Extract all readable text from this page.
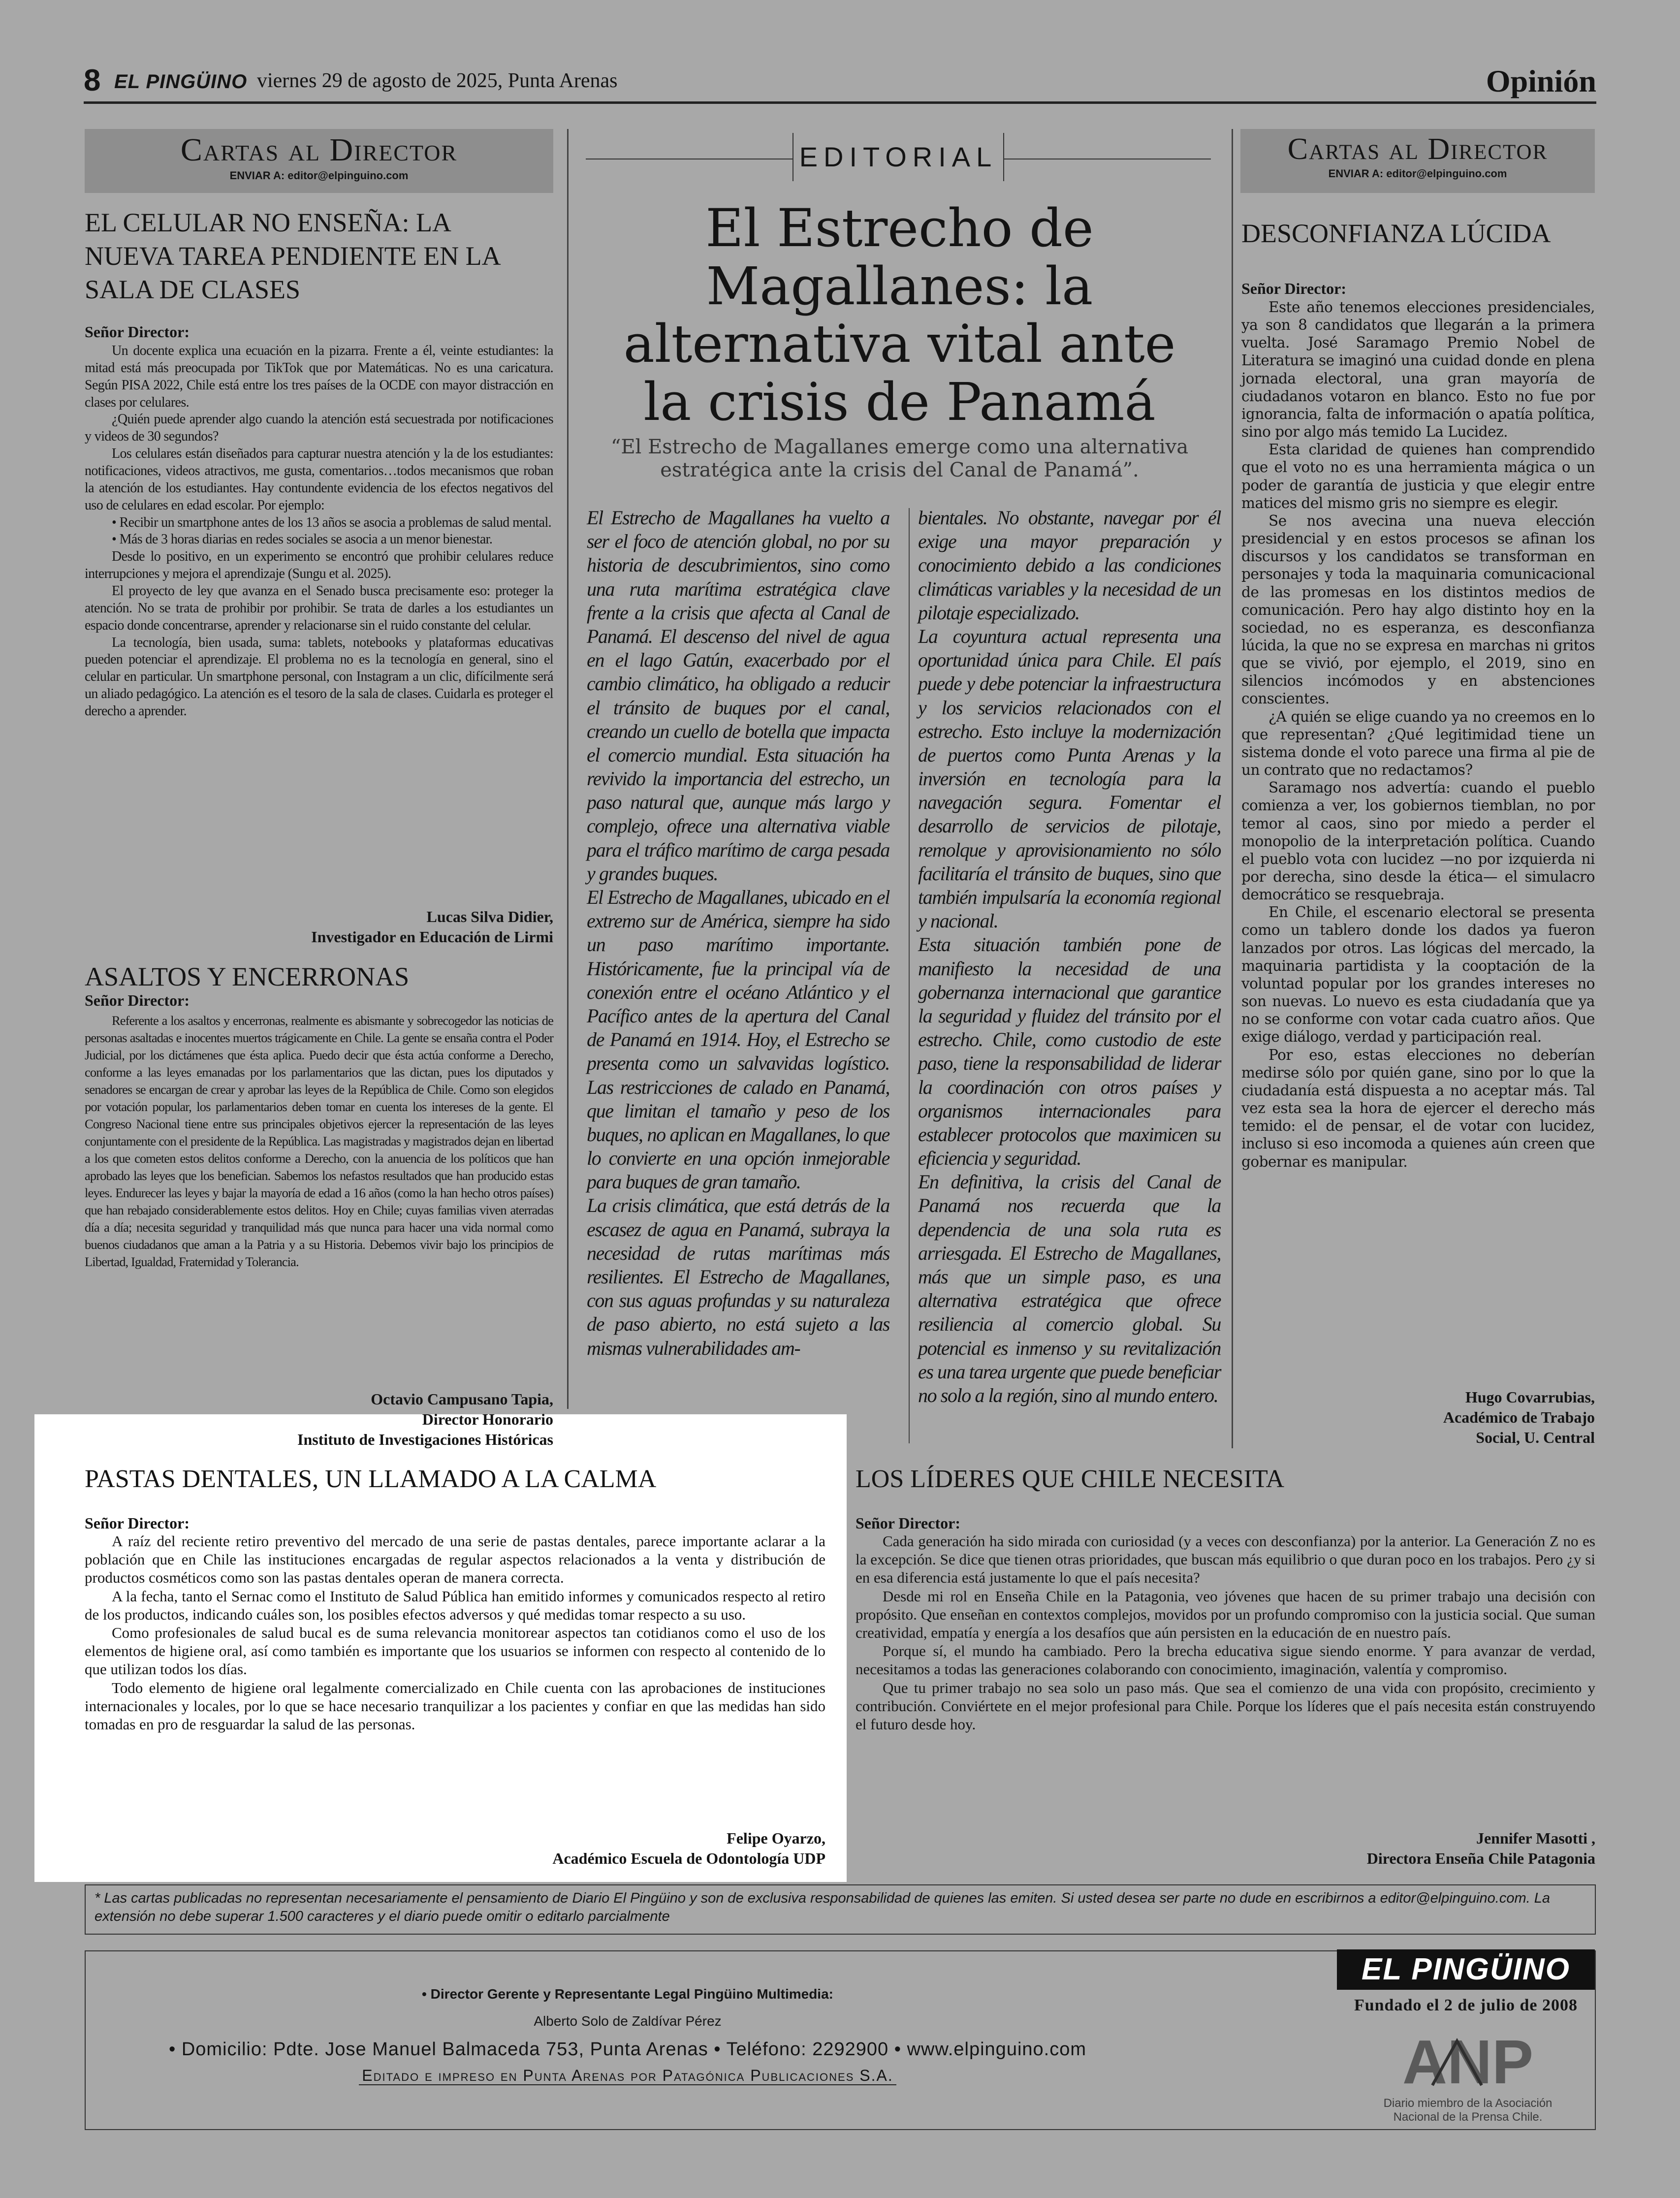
8 EL PINGÜINO viernes 29 de agosto de 2025, Punta Arenas	Opinión
Cartas al Director
ENVIAR A: editor@elpinguino.com
EL CELULAR NO ENSEÑA: LA
NUEVA TAREA PENDIENTE EN LA
SALA DE CLASES
Señor Director:

Un docente explica una ecuación en la pizarra. Frente a él, veinte estudiantes: la mitad está más preocupada por TikTok que por Matemáticas. No es una caricatura. Según PISA 2022, Chile está entre los tres países de la OCDE con mayor distracción en clases por celulares.

¿Quién puede aprender algo cuando la atención está secuestrada por notificaciones y videos de 30 segundos?

Los celulares están diseñados para capturar nuestra atención y la de los estudiantes: notificaciones, videos atractivos, me gusta, comentarios…todos mecanismos que roban la atención de los estudiantes. Hay contundente evidencia de los efectos negativos del uso de celulares en edad escolar. Por ejemplo:

• Recibir un smartphone antes de los 13 años se asocia a problemas de salud mental.

• Más de 3 horas diarias en redes sociales se asocia a un menor bienestar.

Desde lo positivo, en un experimento se encontró que prohibir celulares reduce interrupciones y mejora el aprendizaje (Sungu et al. 2025).

El proyecto de ley que avanza en el Senado busca precisamente eso: proteger la atención. No se trata de prohibir por prohibir. Se trata de darles a los estudiantes un espacio donde concentrarse, aprender y relacionarse sin el ruido constante del celular.

La tecnología, bien usada, suma: tablets, notebooks y plataformas educativas pueden potenciar el aprendizaje. El problema no es la tecnología en general, sino el celular en particular. Un smartphone personal, con Instagram a un clic, difícilmente será un aliado pedagógico. La atención es el tesoro de la sala de clases. Cuidarla es proteger el derecho a aprender.

Lucas Silva Didier,
Investigador en Educación de Lirmi
ASALTOS Y ENCERRONAS
Señor Director:

Referente a los asaltos y encerronas, realmente es abismante y sobrecogedor las noticias de personas asaltadas e inocentes muertos trágicamente en Chile. La gente se ensaña contra el Poder Judicial, por los dictámenes que ésta aplica. Puedo decir que ésta actúa conforme a Derecho, conforme a las leyes emanadas por los parlamentarios que las dictan, pues los diputados y senadores se encargan de crear y aprobar las leyes de la República de Chile. Como son elegidos por votación popular, los parlamentarios deben tomar en cuenta los intereses de la gente. El Congreso Nacional tiene entre sus principales objetivos ejercer la representación de las leyes conjuntamente con el presidente de la República. Las magistradas y magistrados dejan en libertad a los que cometen estos delitos conforme a Derecho, con la anuencia de los políticos que han aprobado las leyes que los benefician. Sabemos los nefastos resultados que han producido estas leyes. Endurecer las leyes y bajar la mayoría de edad a 16 años (como la han hecho otros países) que han rebajado considerablemente estos delitos. Hoy en Chile; cuyas familias viven aterradas día a día; necesita seguridad y tranquilidad más que nunca para hacer una vida normal como buenos ciudadanos que aman a la Patria y a su Historia. Debemos vivir bajo los principios de Libertad, Igualdad, Fraternidad y Tolerancia.

Octavio Campusano Tapia,
Director Honorario
Instituto de Investigaciones Históricas
EDITORIAL
El Estrecho de
Magallanes: la
alternativa vital ante
la crisis de Panamá
“El Estrecho de Magallanes emerge como una alternativa
estratégica ante la crisis del Canal de Panamá”.

El Estrecho de Magallanes ha vuelto a ser el foco de atención global, no por su historia de descubrimientos, sino como una ruta marítima estratégica clave frente a la crisis que afecta al Canal de Panamá. El descenso del nivel de agua en el lago Gatún, exacerbado por el cambio climático, ha obligado a reducir el tránsito de buques por el canal, creando un cuello de botella que impacta el comercio mundial. Esta situación ha revivido la importancia del estrecho, un paso natural que, aunque más largo y complejo, ofrece una alternativa viable para el tráfico marítimo de carga pesada y grandes buques.

El Estrecho de Magallanes, ubicado en el extremo sur de América, siempre ha sido un paso marítimo importante. Históricamente, fue la principal vía de conexión entre el océano Atlántico y el Pacífico antes de la apertura del Canal de Panamá en 1914. Hoy, el Estrecho se presenta como un salvavidas logístico. Las restricciones de calado en Panamá, que limitan el tamaño y peso de los buques, no aplican en Magallanes, lo que lo convierte en una opción inmejorable para buques de gran tamaño.

La crisis climática, que está detrás de la escasez de agua en Panamá, subraya la necesidad de rutas marítimas más resilientes. El Estrecho de Magallanes, con sus aguas profundas y su naturaleza de paso abierto, no está sujeto a las mismas vulnerabilidades am-

bientales. No obstante, navegar por él exige una mayor preparación y conocimiento debido a las condiciones climáticas variables y la necesidad de un pilotaje especializado.

La coyuntura actual representa una oportunidad única para Chile. El país puede y debe potenciar la infraestructura y los servicios relacionados con el estrecho. Esto incluye la modernización de puertos como Punta Arenas y la inversión en tecnología para la navegación segura. Fomentar el desarrollo de servicios de pilotaje, remolque y aprovisionamiento no sólo facilitaría el tránsito de buques, sino que también impulsaría la economía regional y nacional.

Esta situación también pone de manifiesto la necesidad de una gobernanza internacional que garantice la seguridad y fluidez del tránsito por el estrecho. Chile, como custodio de este paso, tiene la responsabilidad de liderar la coordinación con otros países y organismos internacionales para establecer protocolos que maximicen su eficiencia y seguridad.

En definitiva, la crisis del Canal de Panamá nos recuerda que la dependencia de una sola ruta es arriesgada. El Estrecho de Magallanes, más que un simple paso, es una alternativa estratégica que ofrece resiliencia al comercio global. Su potencial es inmenso y su revitalización es una tarea urgente que puede beneficiar no solo a la región, sino al mundo entero.

Cartas al Director
ENVIAR A: editor@elpinguino.com
DESCONFIANZA LÚCIDA
Señor Director:

Este año tenemos elecciones presidenciales, ya son 8 candidatos que llegarán a la primera vuelta. José Saramago Premio Nobel de Literatura se imaginó una cuidad donde en plena jornada electoral, una gran mayoría de ciudadanos votaron en blanco. Esto no fue por ignorancia, falta de información o apatía política, sino por algo más temido La Lucidez.

Esta claridad de quienes han comprendido que el voto no es una herramienta mágica o un poder de garantía de justicia y que elegir entre matices del mismo gris no siempre es elegir.

Se nos avecina una nueva elección presidencial y en estos procesos se afinan los discursos y los candidatos se transforman en personajes y toda la maquinaria comunicacional de las promesas en los distintos medios de comunicación. Pero hay algo distinto hoy en la sociedad, no es esperanza, es desconfianza lúcida, la que no se expresa en marchas ni gritos que se vivió, por ejemplo, el 2019, sino en silencios incómodos y en abstenciones conscientes.

¿A quién se elige cuando ya no creemos en lo que representan? ¿Qué legitimidad tiene un sistema donde el voto parece una firma al pie de un contrato que no redactamos?

Saramago nos advertía: cuando el pueblo comienza a ver, los gobiernos tiemblan, no por temor al caos, sino por miedo a perder el monopolio de la interpretación política. Cuando el pueblo vota con lucidez —no por izquierda ni por derecha, sino desde la ética— el simulacro democrático se resquebraja.

En Chile, el escenario electoral se presenta como un tablero donde los dados ya fueron lanzados por otros. Las lógicas del mercado, la maquinaria partidista y la cooptación de la voluntad popular por los grandes intereses no son nuevas. Lo nuevo es esta ciudadanía que ya no se conforme con votar cada cuatro años. Que exige diálogo, verdad y participación real.

Por eso, estas elecciones no deberían medirse sólo por quién gane, sino por lo que la ciudadanía está dispuesta a no aceptar más. Tal vez esta sea la hora de ejercer el derecho más temido: el de pensar, el de votar con lucidez, incluso si eso incomoda a quienes aún creen que gobernar es manipular.

Hugo Covarrubias,
Académico de Trabajo
Social, U. Central
PASTAS DENTALES, UN LLAMADO A LA CALMA
Señor Director:

A raíz del reciente retiro preventivo del mercado de una serie de pastas dentales, parece importante aclarar a la población que en Chile las instituciones encargadas de regular aspectos relacionados a la venta y distribución de productos cosméticos como son las pastas dentales operan de manera correcta.

A la fecha, tanto el Sernac como el Instituto de Salud Pública han emitido informes y comunicados respecto al retiro de los productos, indicando cuáles son, los posibles efectos adversos y qué medidas tomar respecto a su uso.

Como profesionales de salud bucal es de suma relevancia monitorear aspectos tan cotidianos como el uso de los elementos de higiene oral, así como también es importante que los usuarios se informen con respecto al contenido de lo que utilizan todos los días.

Todo elemento de higiene oral legalmente comercializado en Chile cuenta con las aprobaciones de instituciones internacionales y locales, por lo que se hace necesario tranquilizar a los pacientes y confiar en que las medidas han sido tomadas en pro de resguardar la salud de las personas.

Felipe Oyarzo,
Académico Escuela de Odontología UDP
LOS LÍDERES QUE CHILE NECESITA
Señor Director:

Cada generación ha sido mirada con curiosidad (y a veces con desconfianza) por la anterior. La Generación Z no es la excepción. Se dice que tienen otras prioridades, que buscan más equilibrio o que duran poco en los trabajos. Pero ¿y si en esa diferencia está justamente lo que el país necesita?

Desde mi rol en Enseña Chile en la Patagonia, veo jóvenes que hacen de su primer trabajo una decisión con propósito. Que enseñan en contextos complejos, movidos por un profundo compromiso con la justicia social. Que suman creatividad, empatía y energía a los desafíos que aún persisten en la educación de en nuestro país.

Porque sí, el mundo ha cambiado. Pero la brecha educativa sigue siendo enorme. Y para avanzar de verdad, necesitamos a todas las generaciones colaborando con conocimiento, imaginación, valentía y compromiso.

Que tu primer trabajo no sea solo un paso más. Que sea el comienzo de una vida con propósito, crecimiento y contribución. Conviértete en el mejor profesional para Chile. Porque los líderes que el país necesita están construyendo el futuro desde hoy.

Jennifer Masotti ,
Directora Enseña Chile Patagonia
* Las cartas publicadas no representan necesariamente el pensamiento de Diario El Pingüino y son de exclusiva responsabilidad de quienes las emiten. Si usted desea ser parte no dude en escribirnos a editor@elpinguino.com. La extensión no debe superar 1.500 caracteres y el diario puede omitir o editarlo parcialmente
• Director Gerente y Representante Legal Pingüino Multimedia:
Alberto Solo de Zaldívar Pérez
• Domicilio: Pdte. Jose Manuel Balmaceda 753, Punta Arenas • Teléfono: 2292900 • www.elpinguino.com
Editado e impreso en Punta Arenas por Patagónica Publicaciones S.A.
EL PINGÜINO
Fundado el 2 de julio de 2008
ANP
Diario miembro de la Asociación
Nacional de la Prensa Chile.
